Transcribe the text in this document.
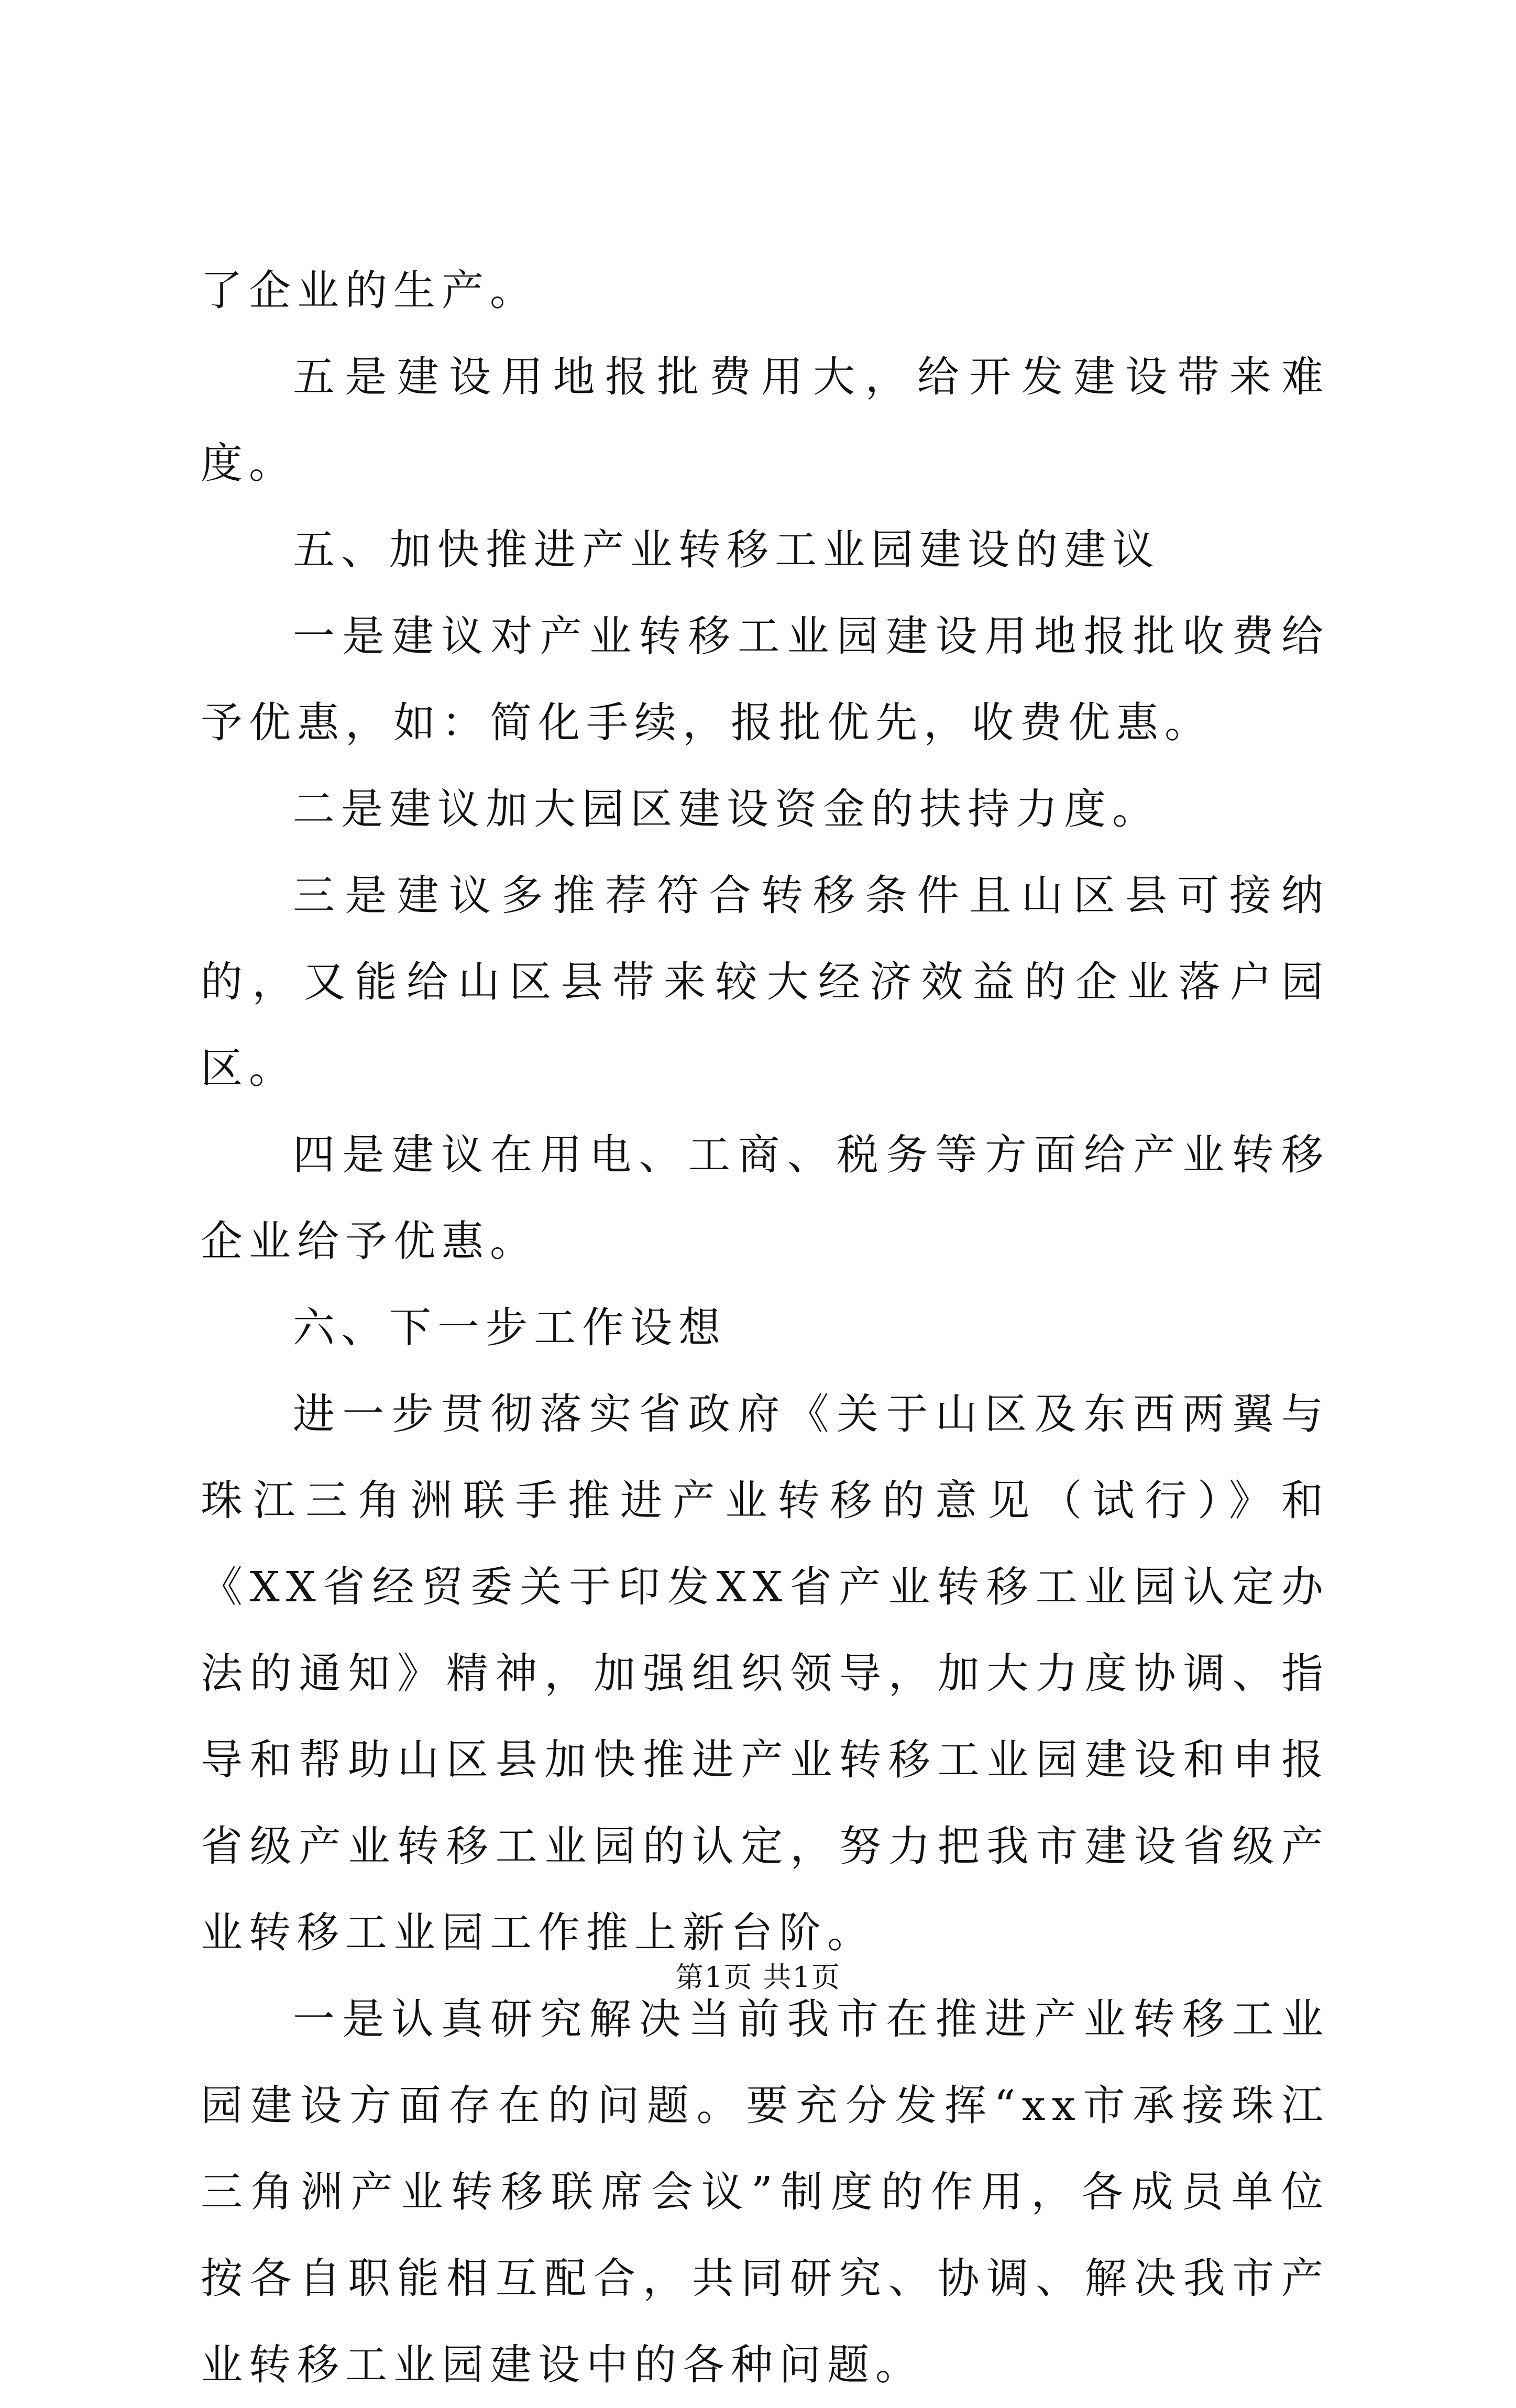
了企业的生产。

五是建设用地报批费用大，给开发建设带来难度。

五、加快推进产业转移工业园建设的建议

一是建议对产业转移工业园建设用地报批收费给予优惠，如：简化手续，报批优先，收费优惠。

二是建议加大园区建设资金的扶持力度。

三是建议多推荐符合转移条件且山区县可接纳的，又能给山区县带来较大经济效益的企业落户园区。

四是建议在用电、工商、税务等方面给产业转移企业给予优惠。

六、下一步工作设想

进一步贯彻落实省政府《关于山区及东西两翼与珠江三角洲联手推进产业转移的意见（试行）》和《XX省经贸委关于印发XX省产业转移工业园认定办法的通知》精神，加强组织领导，加大力度协调、指导和帮助山区县加快推进产业转移工业园建设和申报省级产业转移工业园的认定，努力把我市建设省级产业转移工业园工作推上新台阶。

一是认真研究解决当前我市在推进产业转移工业园建设方面存在的问题。要充分发挥“xx市承接珠江三角洲产业转移联席会议”制度的作用，各成员单位按各自职能相互配合，共同研究、协调、解决我市产业转移工业园建设中的各种问题。

第1页 共1页
